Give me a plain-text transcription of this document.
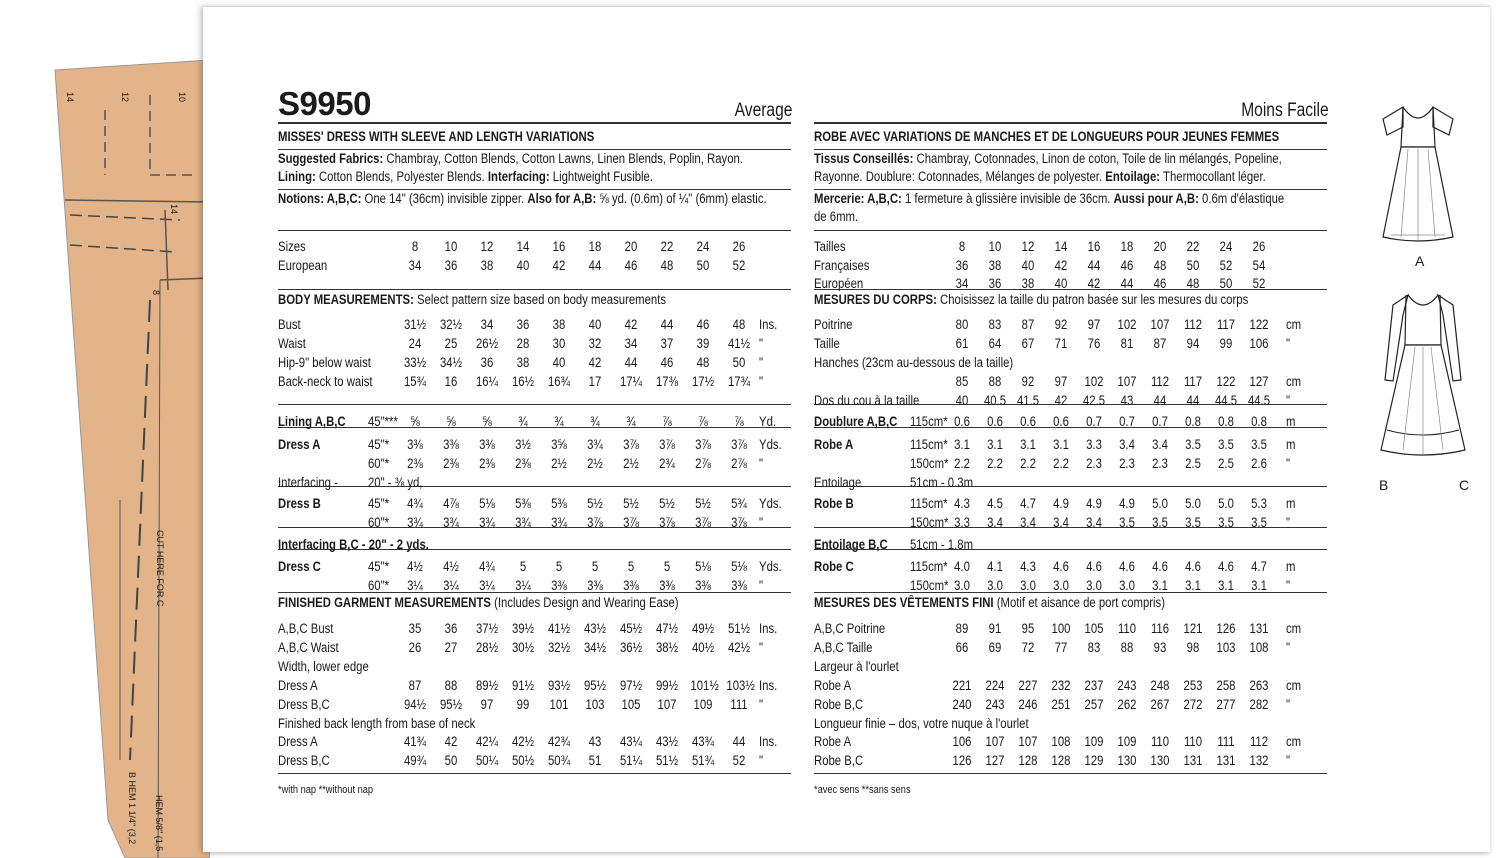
14	12	10
14
8
CUT HERE FOR C
B HEM 1 1/4" (3,2 HEM 5/8" (1,5
S9950	Average	Moins Facile
MISSES' DRESS WITH SLEEVE AND LENGTH VARIATIONS
Suggested Fabrics: Chambray, Cotton Blends, Cotton Lawns, Linen Blends, Poplin, Rayon.
Lining: Cotton Blends, Polyester Blends. Interfacing: Lightweight Fusible.
Notions: A,B,C: One 14" (36cm) invisible zipper. Also for A,B: ⅝ yd. (0.6m) of ¼" (6mm) elastic.
BODY MEASUREMENTS: Select pattern size based on body measurements
FINISHED GARMENT MEASUREMENTS (Includes Design and Wearing Ease)
*with nap **without nap
Sizes	8	10	12	14	16	18	20	22	24	26
European	34	36	38	40	42	44	46	48	50	52
Bust	31½ 32½	34	36	38	40	42	44	46	48	Ins.
Waist	24	25	26½	28	30	32	34	37	39	41½ "
Hip-9" below waist 33½ 34½	36	38	40	42	44	46	48	50	"
Back-neck to waist 15¾	16	16¼ 16½ 16¾	17	17¼ 17⅜ 17½ 17¾ "
Lining A,B,C 45"*** ⅝	⅝	⅝	¾	¾	¾	¾	⅞	⅞	⅞	Yd.
Dress A	45"*	3⅜	3⅜	3⅜	3½	3⅝	3¾	3⅞	3⅞	3⅞	3⅞ Yds.
60"*	2⅜	2⅜	2⅜	2⅜	2½	2½	2½	2¾	2⅞	2⅞ "
Interfacing - 20" - ⅜ yd,
Dress B	45"*	4¾	4⅞	5⅛	5⅜	5⅜	5½	5½	5½	5½	5¾ Yds.
60"*	3¾	3¾	3¾	3¾	3¾	3⅞	3⅞	3⅞	3⅞	3⅞ "
Interfacing B,C - 20" - 2 yds.
Dress C	45"*	4½	4½	4¾	5	5	5	5	5	5⅛	5⅛ Yds.
60"*	3¼	3¼	3¼	3¼	3⅜	3⅜	3⅜	3⅜	3⅜	3⅜ "
A,B,C Bust	35	36	37½ 39½ 41½ 43½ 45½ 47½ 49½ 51½ Ins.
A,B,C Waist	26	27	28½ 30½ 32½ 34½ 36½ 38½ 40½ 42½ "
Width, lower edge
Dress A	87	88	89½ 91½ 93½ 95½ 97½ 99½ 101½ 103½ Ins.
Dress B,C	94½ 95½	97	99	101 103 105 107 109 111 "
Finished back length from base of neck
Dress A	41¾	42	42¼ 42½ 42¾	43	43¼ 43½ 43¾	44	Ins.
Dress B,C	49¾	50	50¼ 50½ 50¾	51	51¼ 51½ 51¾	52	"
ROBE AVEC VARIATIONS DE MANCHES ET DE LONGUEURS POUR JEUNES FEMMES
Tissus Conseillés: Chambray, Cotonnades, Linon de coton, Toile de lin mélangés, Popeline,
Rayonne. Doublure: Cotonnades, Mélanges de polyester. Entoilage: Thermocollant léger.
Mercerie: A,B,C: 1 fermeture à glissière invisible de 36cm. Aussi pour A,B: 0.6m d'élastique
de 6mm.
MESURES DU CORPS: Choisissez la taille du patron basée sur les mesures du corps
MESURES DES VÊTEMENTS FINI (Motif et aisance de port compris)
*avec sens **sans sens
Tailles	8	10	12	14	16	18	20	22	24	26
Françaises	36	38	40	42	44	46	48	50	52	54
Européen	34	36	38	40	42	44	46	48	50	52
Poitrine	80	83	87	92	97	102 107 112 117 122 cm
Taille	61	64	67	71	76	81	87	94	99	106 "
Hanches (23cm au-dessous de la taille)
85	88	92	97	102 107 112 117 122 127 cm
Dos du cou à la taille	40	40.5 41.5	42	42.5	43	44	44	44.5 44.5 "
Doublure A,B,C 115cm* 0.6	0.6	0.6	0.6	0.7	0.7	0.7	0.8	0.8	0.8	m
Robe A	115cm* 3.1	3.1	3.1	3.1	3.3	3.4	3.4	3.5	3.5	3.5	m
150cm* 2.2	2.2	2.2	2.2	2.3	2.3	2.3	2.5	2.5	2.6	"
Entoilage	51cm - 0.3m
Robe B	115cm* 4.3	4.5	4.7	4.9	4.9	4.9	5.0	5.0	5.0	5.3	m
150cm* 3.3	3.4	3.4	3.4	3.4	3.5	3.5	3.5	3.5	3.5	"
Entoilage B,C 51cm - 1.8m
Robe C	115cm* 4.0	4.1	4.3	4.6	4.6	4.6	4.6	4.6	4.6	4.7	m
150cm* 3.0	3.0	3.0	3.0	3.0	3.0	3.1	3.1	3.1	3.1	"
A,B,C Poitrine	89	91	95	100 105 110 116 121 126 131 cm
A,B,C Taille	66	69	72	77	83	88	93	98	103 108 "
Largeur à l'ourlet
Robe A	221 224 227 232 237 243 248 253 258 263 cm
Robe B,C	240 243 246 251 257 262 267 272 277 282 "
Longueur finie – dos, votre nuque à l'ourlet
Robe A	106 107 107 108 109 109 110 110 111 112 cm
Robe B,C	126 127 128 128 129 130 130 131 131 132 "
A
B	C
